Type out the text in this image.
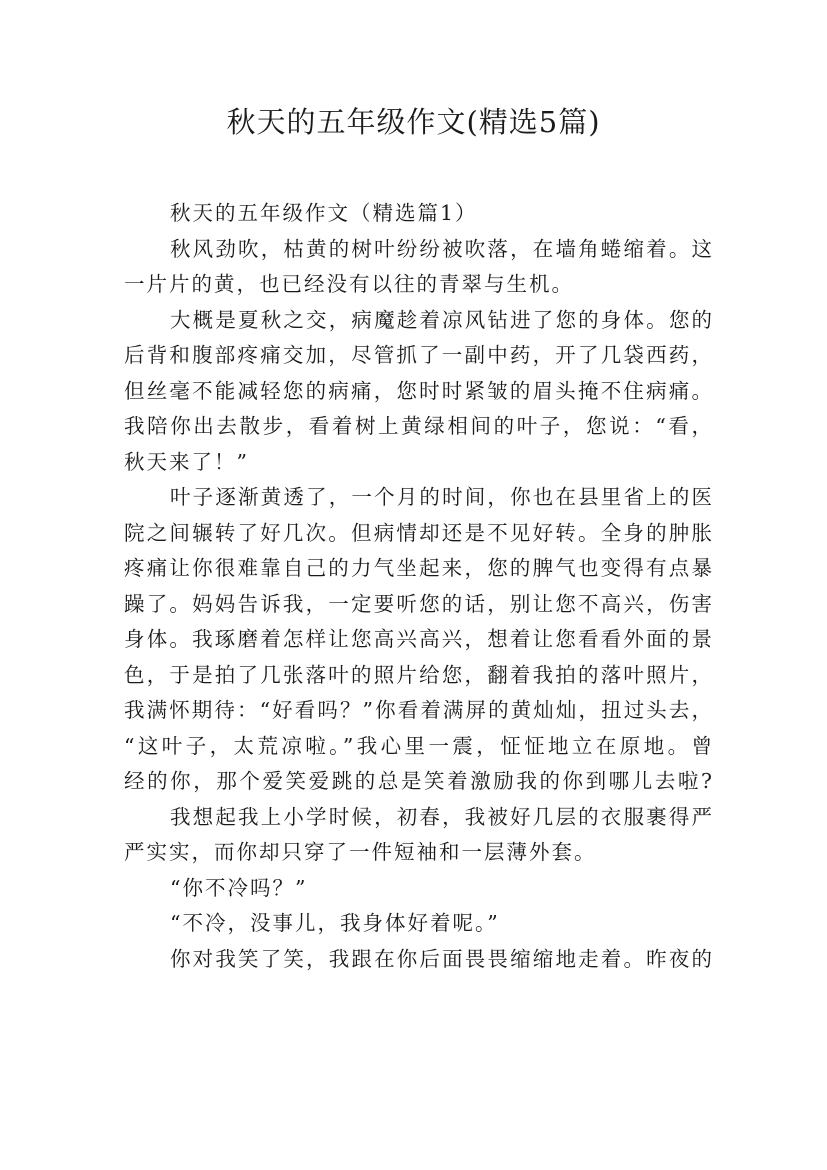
秋天的五年级作文(精选5篇)
秋天的五年级作文（精选篇1）
秋风劲吹，枯黄的树叶纷纷被吹落，在墙角蜷缩着。这
一片片的黄，也已经没有以往的青翠与生机。
大概是夏秋之交，病魔趁着凉风钻进了您的身体。您的
后背和腹部疼痛交加，尽管抓了一副中药，开了几袋西药，
但丝毫不能减轻您的病痛，您时时紧皱的眉头掩不住病痛。
我陪你出去散步，看着树上黄绿相间的叶子，您说：“看，
秋天来了！”
叶子逐渐黄透了，一个月的时间，你也在县里省上的医
院之间辗转了好几次。但病情却还是不见好转。全身的肿胀
疼痛让你很难靠自己的力气坐起来，您的脾气也变得有点暴
躁了。妈妈告诉我，一定要听您的话，别让您不高兴，伤害
身体。我琢磨着怎样让您高兴高兴，想着让您看看外面的景
色，于是拍了几张落叶的照片给您，翻着我拍的落叶照片，
我满怀期待：“好看吗？”你看着满屏的黄灿灿，扭过头去，
“这叶子，太荒凉啦。”我心里一震，怔怔地立在原地。曾
经的你，那个爱笑爱跳的总是笑着激励我的你到哪儿去啦?
我想起我上小学时候，初春，我被好几层的衣服裹得严
严实实，而你却只穿了一件短袖和一层薄外套。
“你不冷吗？”
“不冷，没事儿，我身体好着呢。”
你对我笑了笑，我跟在你后面畏畏缩缩地走着。昨夜的
